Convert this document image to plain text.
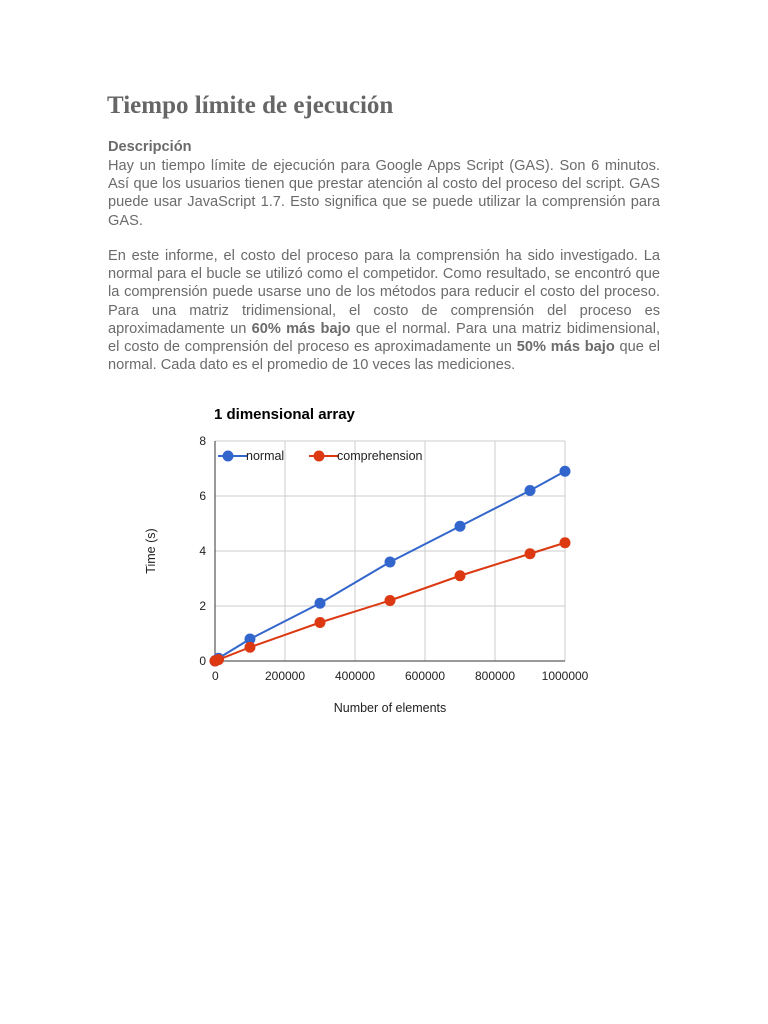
Tiempo límite de ejecución
Descripción
Hay un tiempo límite de ejecución para Google Apps Script (GAS). Son 6 minutos. Así que los usuarios tienen que prestar atención al costo del proceso del script. GAS puede usar JavaScript 1.7. Esto significa que se puede utilizar la comprensión para GAS.
En este informe, el costo del proceso para la comprensión ha sido investigado. La normal para el bucle se utilizó como el competidor. Como resultado, se encontró que la comprensión puede usarse uno de los métodos para reducir el costo del proceso. Para una matriz tridimensional, el costo de comprensión del proceso es aproximadamente un 60% más bajo que el normal. Para una matriz bidimensional, el costo de comprensión del proceso es aproximadamente un 50% más bajo que el normal. Cada dato es el promedio de 10 veces las mediciones.
1 dimensional array
0	200000 400000 600000 800000 1000000
0
2
4
6
8
Number of elements
Time (s)
normal	comprehension
